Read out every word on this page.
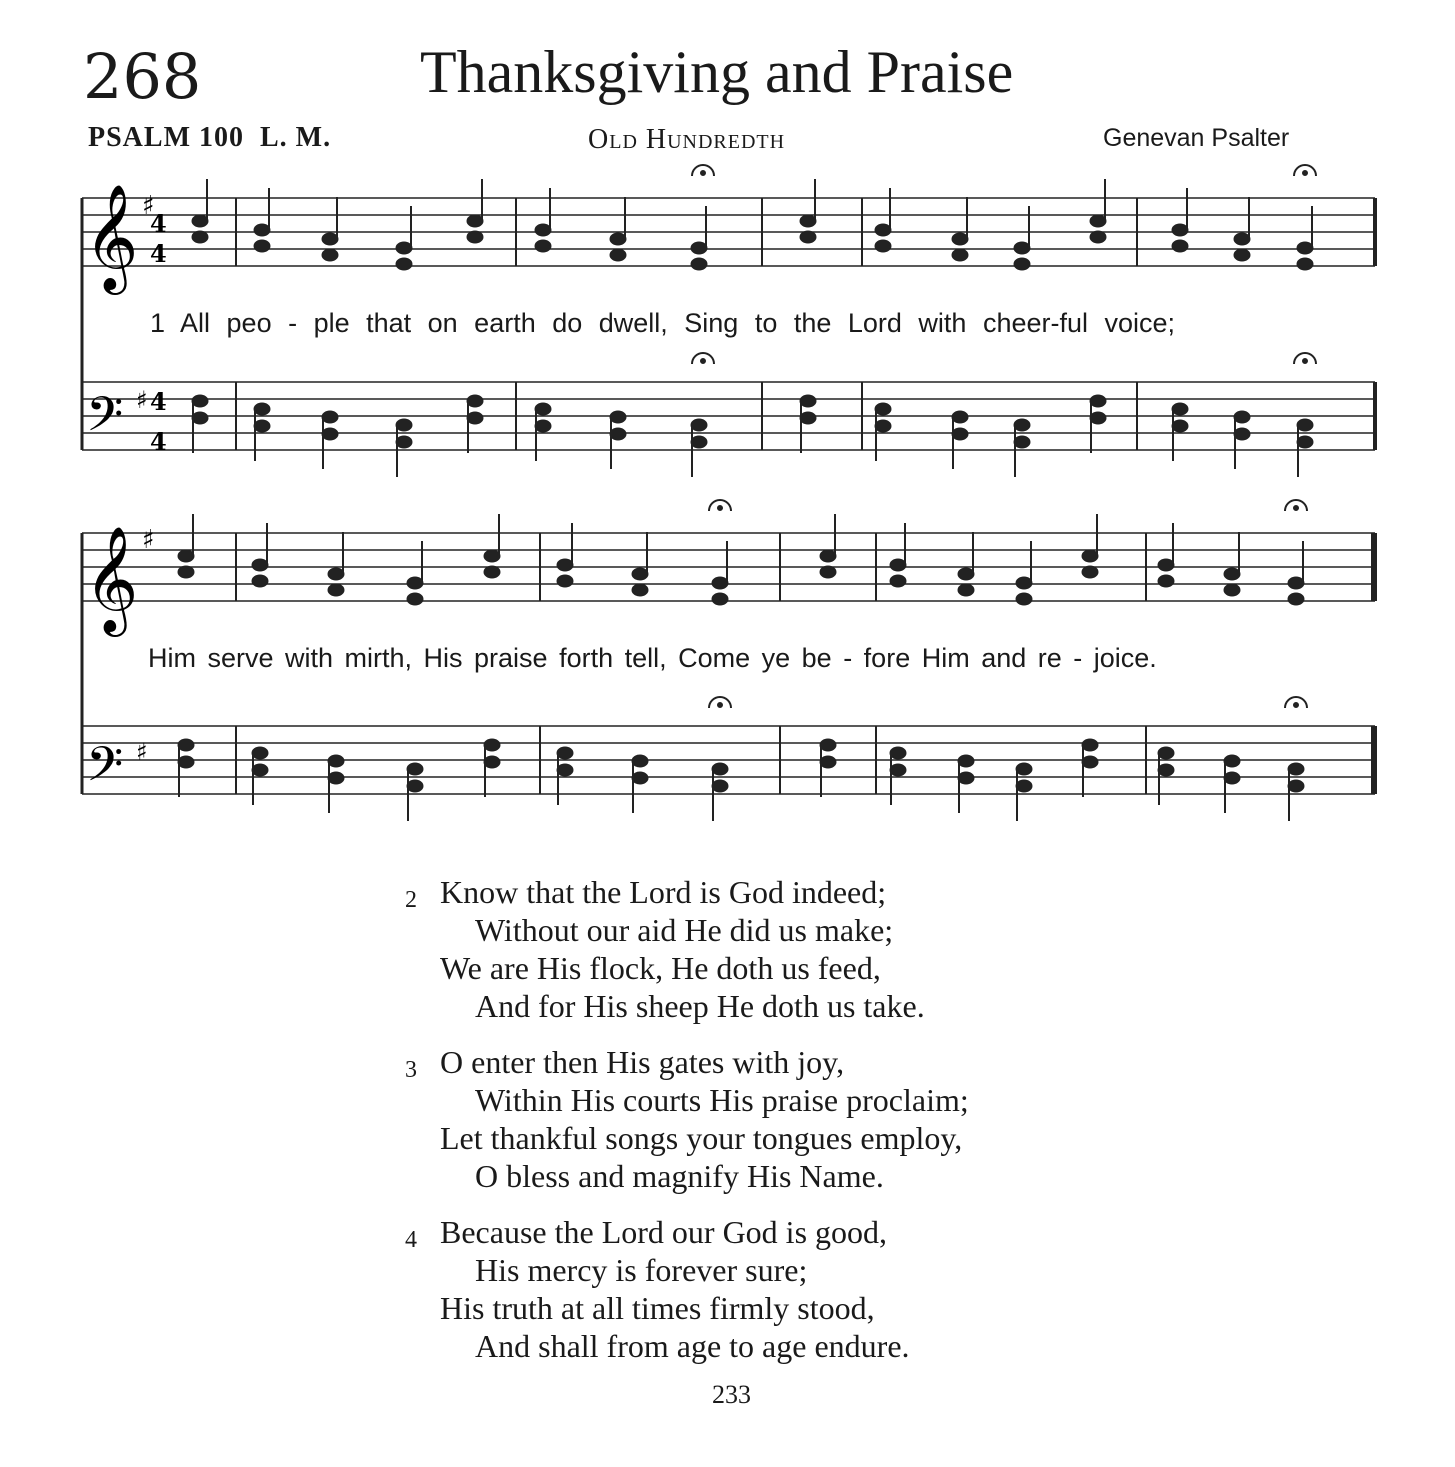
268	Thanksgiving and Praise
PSALM 100  L. M.	Old Hundredth	Genevan Psalter
𝄞
𝄞
𝄢
𝄢
♯
♯
♯
♯
4
4
4
4
1 All peo - ple that on earth do dwell, Sing to the Lord with cheer-ful voice;
Him serve with mirth, His praise forth tell, Come ye be - fore Him and re - joice.
2 Know that the Lord is God indeed;
Without our aid He did us make;
We are His flock, He doth us feed,
And for His sheep He doth us take.
3 O enter then His gates with joy,
Within His courts His praise proclaim;
Let thankful songs your tongues employ,
O bless and magnify His Name.
4 Because the Lord our God is good,
His mercy is forever sure;
His truth at all times firmly stood,
And shall from age to age endure.
233
